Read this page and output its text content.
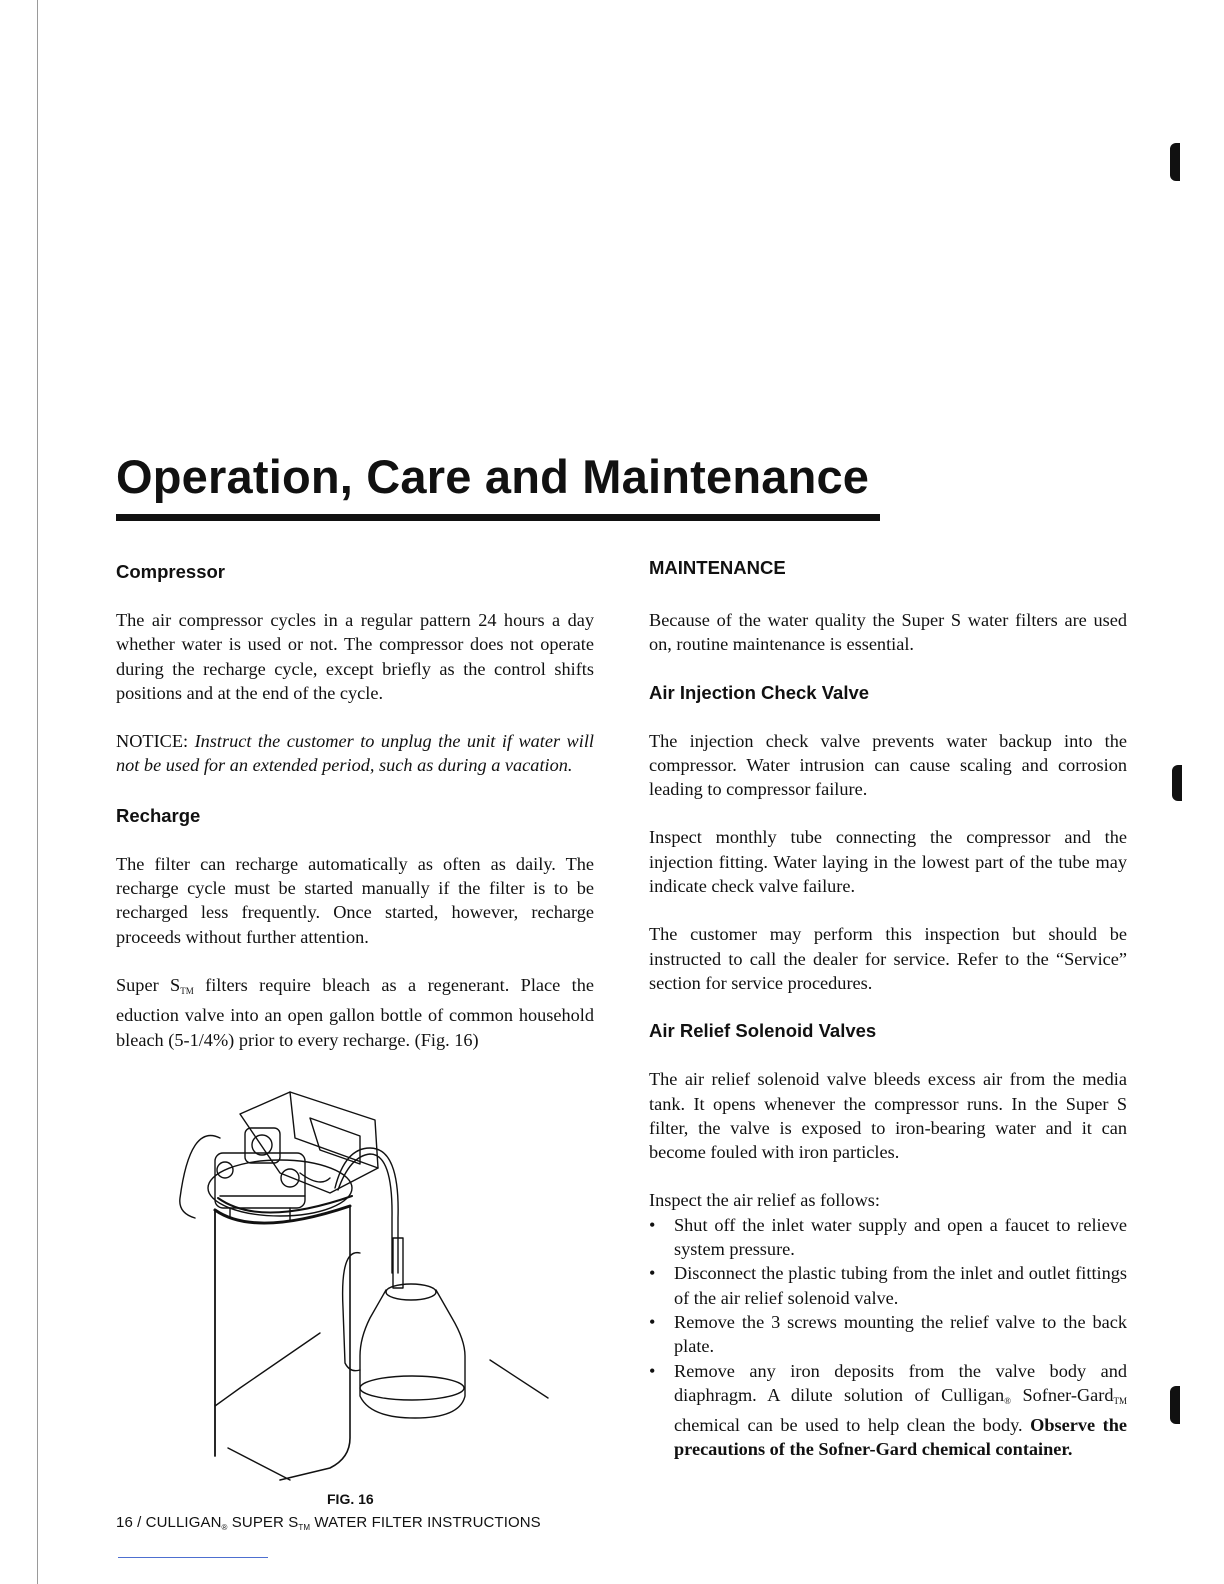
Operation, Care and Maintenance
Compressor

The air compressor cycles in a regular pattern 24 hours a day whether water is used or not. The compressor does not operate during the recharge cycle, except briefly as the control shifts positions and at the end of the cycle.

NOTICE: Instruct the customer to unplug the unit if water will not be used for an extended period, such as during a vacation.

Recharge

The filter can recharge automatically as often as daily. The recharge cycle must be started manually if the filter is to be recharged less frequently. Once started, however, recharge proceeds without further attention.

Super $S_{TM}$ filters require bleach as a regenerant. Place the eduction valve into an open gallon bottle of common household bleach (5-1/4%) prior to every recharge. (Fig. 16)

FIG. 16

MAINTENANCE

Because of the water quality the Super S water filters are used on, routine maintenance is essential.

Air Injection Check Valve

The injection check valve prevents water backup into the compressor. Water intrusion can cause scaling and corrosion leading to compressor failure.

Inspect monthly tube connecting the compressor and the injection fitting. Water laying in the lowest part of the tube may indicate check valve failure.

The customer may perform this inspection but should be instructed to call the dealer for service. Refer to the “Service” section for service procedures.

Air Relief Solenoid Valves

The air relief solenoid valve bleeds excess air from the media tank. It opens whenever the compressor runs. In the Super S filter, the valve is exposed to iron-bearing water and it can become fouled with iron particles.

Inspect the air relief as follows:

• Shut off the inlet water supply and open a faucet to relieve system pressure.
• Disconnect the plastic tubing from the inlet and outlet fittings of the air relief solenoid valve.
• Remove the 3 screws mounting the relief valve to the back plate.
• Remove any iron deposits from the valve body and diaphragm. A dilute solution of Culligan$_®$ Sofner-Gard$_{TM}$ chemical can be used to help clean the body. Observe the precautions of the Sofner-Gard chemical container.

$16 / CULLIGAN_®$ SUPER $S_{TM}$ WATER FILTER INSTRUCTIONS
